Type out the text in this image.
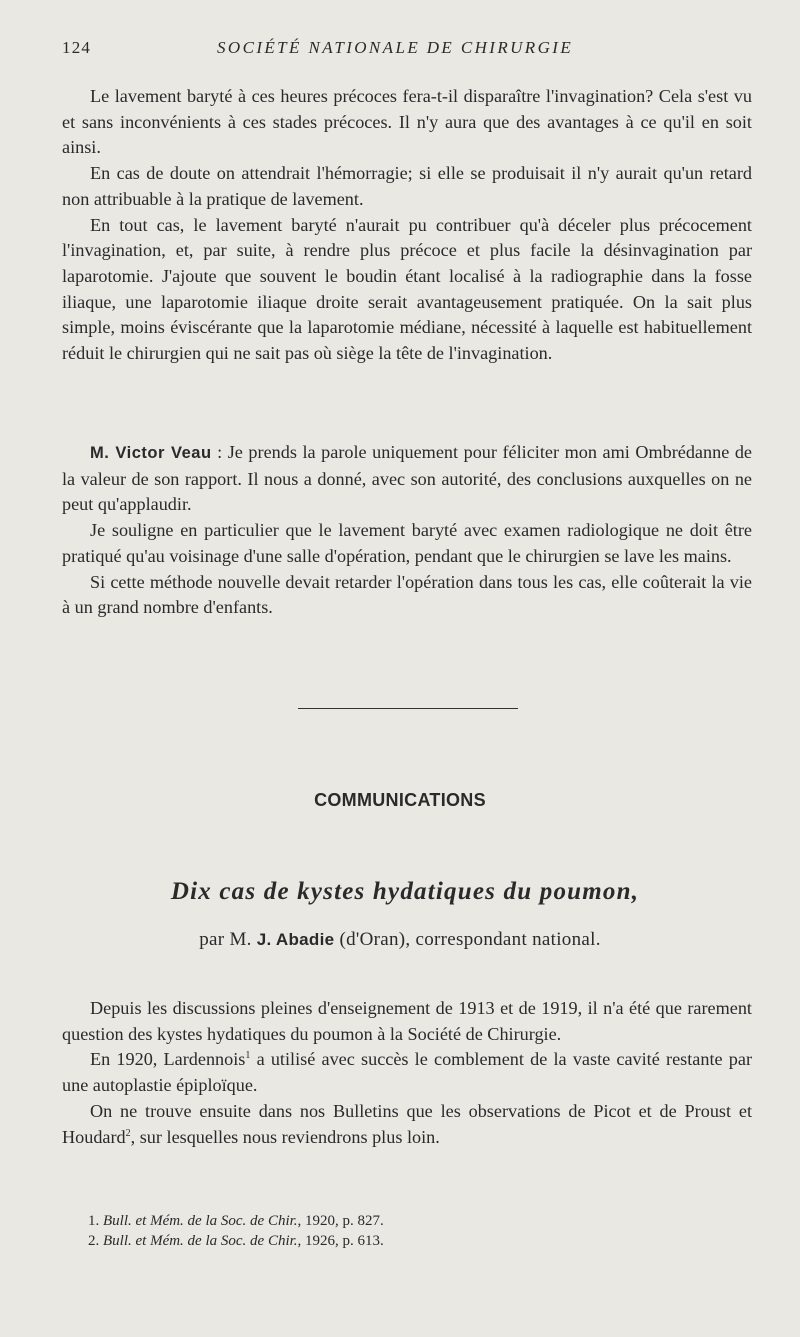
124	SOCIÉTÉ NATIONALE DE CHIRURGIE

Le lavement baryté à ces heures précoces fera-t-il disparaître l'invagination? Cela s'est vu et sans inconvénients à ces stades précoces. Il n'y aura que des avantages à ce qu'il en soit ainsi.

En cas de doute on attendrait l'hémorragie; si elle se produisait il n'y aurait qu'un retard non attribuable à la pratique de lavement.

En tout cas, le lavement baryté n'aurait pu contribuer qu'à déceler plus précocement l'invagination, et, par suite, à rendre plus précoce et plus facile la désinvagination par laparotomie. J'ajoute que souvent le boudin étant localisé à la radiographie dans la fosse iliaque, une laparotomie iliaque droite serait avantageusement pratiquée. On la sait plus simple, moins éviscérante que la laparotomie médiane, nécessité à laquelle est habituellement réduit le chirurgien qui ne sait pas où siège la tête de l'invagination.

M. Victor Veau : Je prends la parole uniquement pour féliciter mon ami Ombrédanne de la valeur de son rapport. Il nous a donné, avec son autorité, des conclusions auxquelles on ne peut qu'applaudir.

Je souligne en particulier que le lavement baryté avec examen radiologique ne doit être pratiqué qu'au voisinage d'une salle d'opération, pendant que le chirurgien se lave les mains.

Si cette méthode nouvelle devait retarder l'opération dans tous les cas, elle coûterait la vie à un grand nombre d'enfants.

COMMUNICATIONS
Dix cas de kystes hydatiques du poumon,
par M. J. Abadie (d'Oran), correspondant national.

Depuis les discussions pleines d'enseignement de 1913 et de 1919, il n'a été que rarement question des kystes hydatiques du poumon à la Société de Chirurgie.

En 1920, Lardennois$^1$ a utilisé avec succès le comblement de la vaste cavité restante par une autoplastie épiploïque.

On ne trouve ensuite dans nos Bulletins que les observations de Picot et de Proust et Houdard$^2$, sur lesquelles nous reviendrons plus loin.

1. Bull. et Mém. de la Soc. de Chir., 1920, p. 827.
2. Bull. et Mém. de la Soc. de Chir., 1926, p. 613.
